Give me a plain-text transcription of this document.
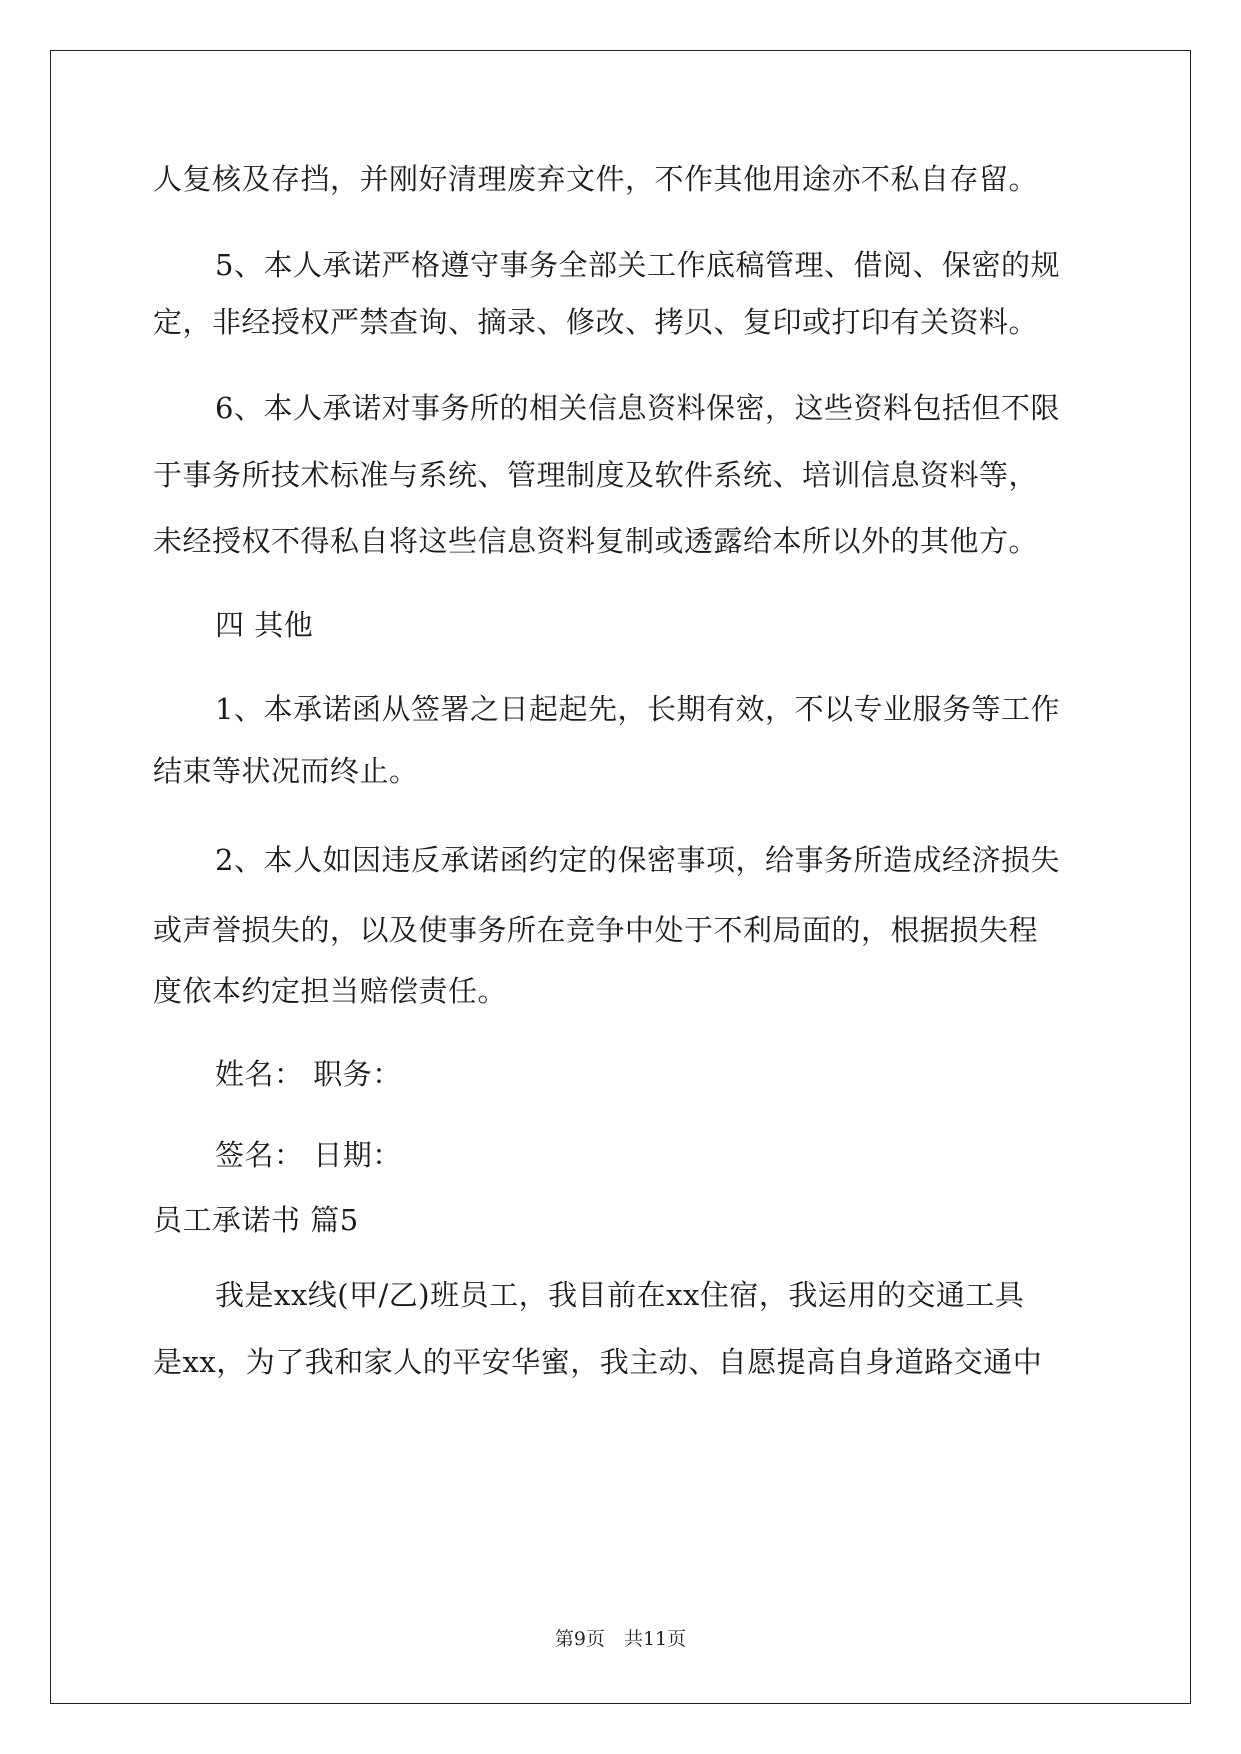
人复核及存挡，并刚好清理废弃文件，不作其他用途亦不私自存留。
5、本人承诺严格遵守事务全部关工作底稿管理、借阅、保密的规
定，非经授权严禁查询、摘录、修改、拷贝、复印或打印有关资料。
6、本人承诺对事务所的相关信息资料保密，这些资料包括但不限
于事务所技术标准与系统、管理制度及软件系统、培训信息资料等，
未经授权不得私自将这些信息资料复制或透露给本所以外的其他方。
四 其他
1、本承诺函从签署之日起起先，长期有效，不以专业服务等工作
结束等状况而终止。
2、本人如因违反承诺函约定的保密事项，给事务所造成经济损失
或声誉损失的，以及使事务所在竞争中处于不利局面的，根据损失程
度依本约定担当赔偿责任。
姓名： 职务：
签名： 日期：
员工承诺书 篇5
我是xx线(甲/乙)班员工，我目前在xx住宿，我运用的交通工具
是xx，为了我和家人的平安华蜜，我主动、自愿提高自身道路交通中
第9页　共11页
